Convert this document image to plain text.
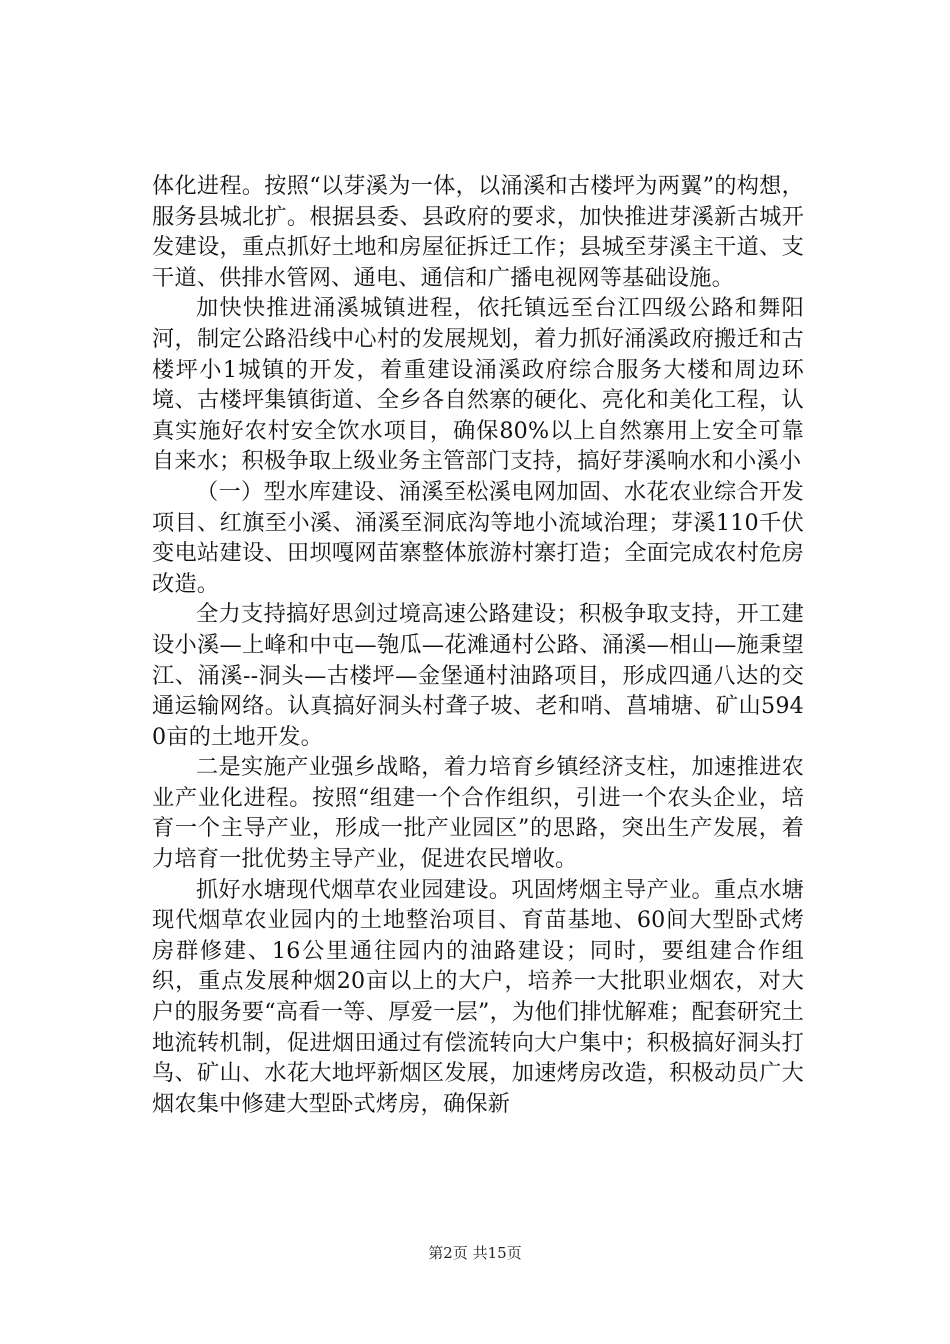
体化进程。按照“以芽溪为一体，以涌溪和古楼坪为两翼”的构想，服务县城北扩。根据县委、县政府的要求，加快推进芽溪新古城开发建设，重点抓好土地和房屋征拆迁工作；县城至芽溪主干道、支干道、供排水管网、通电、通信和广播电视网等基础设施。

加快快推进涌溪城镇进程，依托镇远至台江四级公路和舞阳河，制定公路沿线中心村的发展规划，着力抓好涌溪政府搬迁和古楼坪小1城镇的开发，着重建设涌溪政府综合服务大楼和周边环境、古楼坪集镇街道、全乡各自然寨的硬化、亮化和美化工程，认真实施好农村安全饮水项目，确保80%以上自然寨用上安全可靠自来水；积极争取上级业务主管部门支持，搞好芽溪响水和小溪小

（一）型水库建设、涌溪至松溪电网加固、水花农业综合开发项目、红旗至小溪、涌溪至洞底沟等地小流域治理；芽溪110千伏变电站建设、田坝嘎网苗寨整体旅游村寨打造；全面完成农村危房改造。

全力支持搞好思剑过境高速公路建设；积极争取支持，开工建设小溪—上峰和中屯—匏瓜—花滩通村公路、涌溪—相山—施秉望江、涌溪--洞头—古楼坪—金堡通村油路项目，形成四通八达的交通运输网络。认真搞好洞头村聋子坡、老和哨、菖埔塘、矿山5940亩的土地开发。

二是实施产业强乡战略，着力培育乡镇经济支柱，加速推进农业产业化进程。按照“组建一个合作组织，引进一个农头企业，培育一个主导产业，形成一批产业园区”的思路，突出生产发展，着力培育一批优势主导产业，促进农民增收。

抓好水塘现代烟草农业园建设。巩固烤烟主导产业。重点水塘现代烟草农业园内的土地整治项目、育苗基地、60间大型卧式烤房群修建、16公里通往园内的油路建设；同时，要组建合作组织，重点发展种烟20亩以上的大户，培养一大批职业烟农，对大户的服务要“高看一等、厚爱一层”，为他们排忧解难；配套研究土地流转机制，促进烟田通过有偿流转向大户集中；积极搞好洞头打鸟、矿山、水花大地坪新烟区发展，加速烤房改造，积极动员广大烟农集中修建大型卧式烤房，确保新

第2页 共15页
